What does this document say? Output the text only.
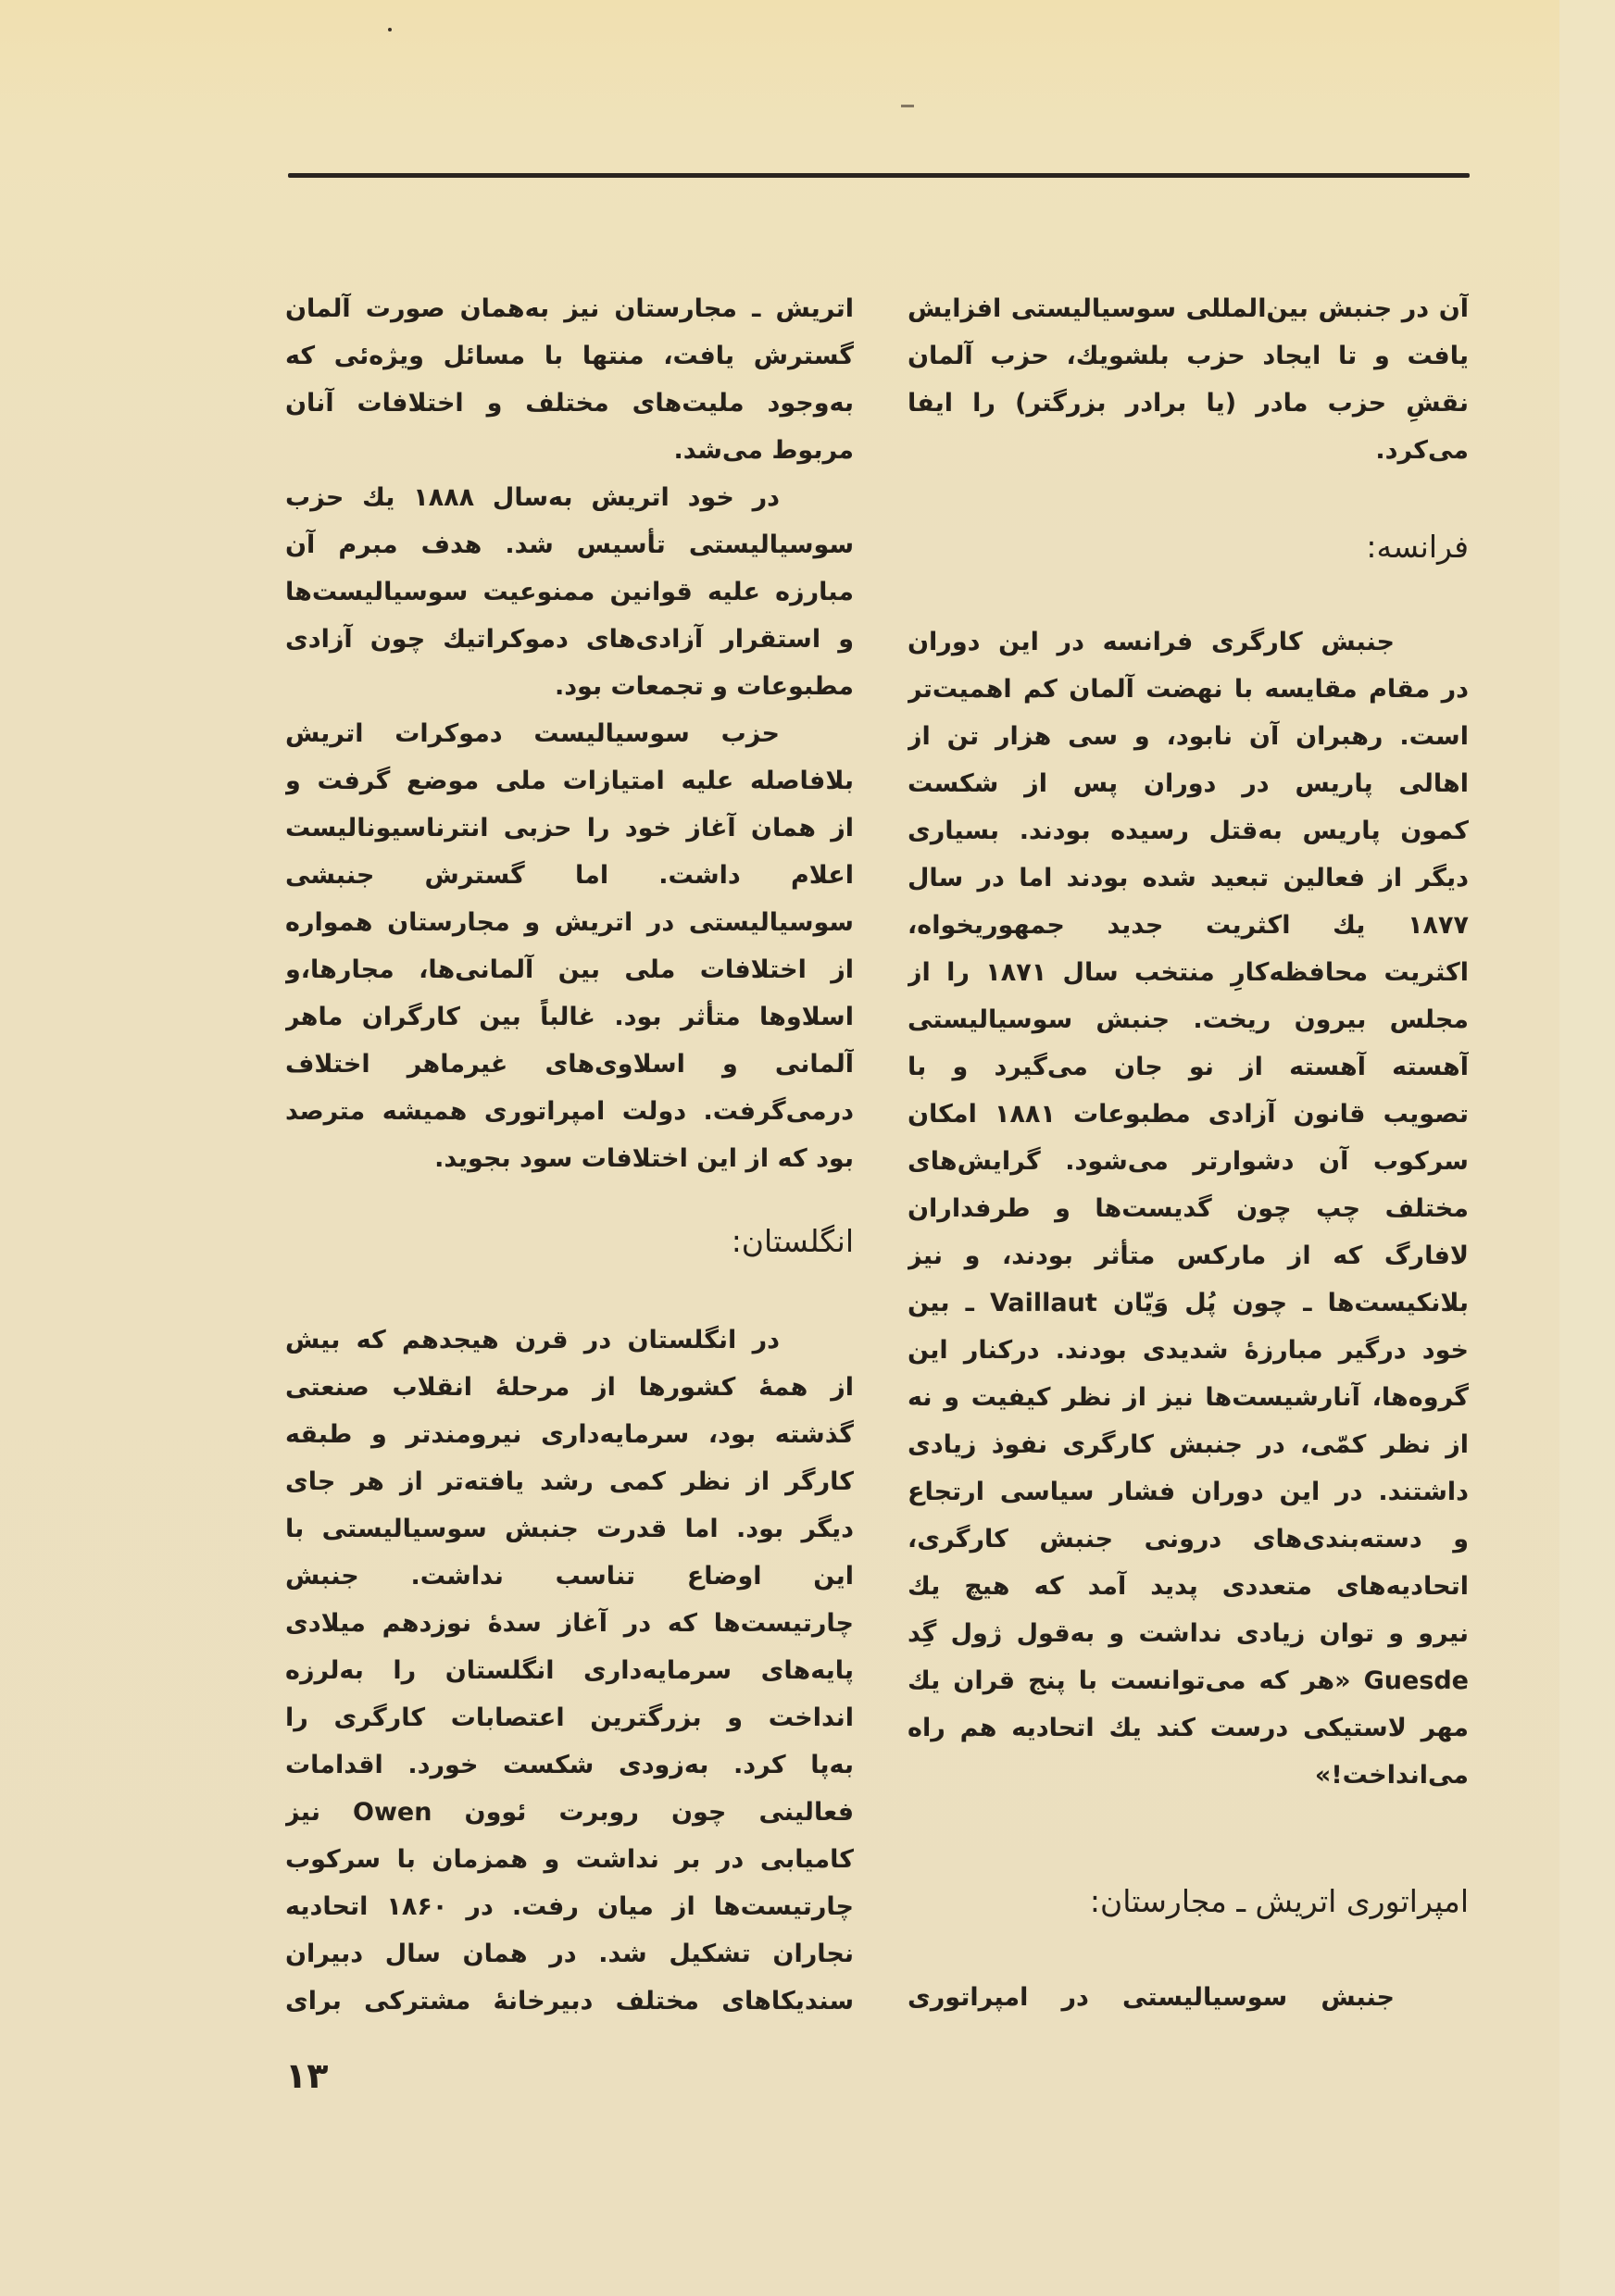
آن در جنبش بین‌المللی سوسیالیستی افزایش
یافت و تا ایجاد حزب بلشویك، حزب آلمان
نقشِ حزب مادر (یا برادر بزرگتر) را ایفا
می‌کرد.
فرانسه:
جنبش کارگری فرانسه در این دوران
در مقام مقایسه با نهضت آلمان کم اهمیت‌تر
است. رهبران آن نابود، و سی هزار تن از
اهالی پاریس در دوران پس از شکست
کمون پاریس به‌قتل رسیده بودند. بسیاری
دیگر از فعالین تبعید شده بودند اما در سال
۱۸۷۷ یك اکثریت جدید جمهوریخواه،
اکثریت محافظه‌کارِ منتخب سال ۱۸۷۱ را از
مجلس بیرون ریخت. جنبش سوسیالیستی
آهسته آهسته از نو جان می‌گیرد و با
تصویب قانون آزادی مطبوعات ۱۸۸۱ امکان
سرکوب آن دشوارتر می‌شود. گرایش‌های
مختلف چپ چون گدیست‌ها و طرفداران
لافارگ که از مارکس متأثر بودند، و نیز
بلانکیست‌ها ـ چون پُل وَیّان Vaillaut ـ بین
خود درگیر مبارزهٔ شدیدی بودند. درکنار این
گروه‌ها، آنارشیست‌ها نیز از نظر کیفیت و نه
از نظر کمّی، در جنبش کارگری نفوذ زیادی
داشتند. در این دوران فشار سیاسی ارتجاع
و دسته‌بندی‌های درونی جنبش کارگری،
اتحادیه‌های متعددی پدید آمد که هیچ یك
نیرو و توان زیادی نداشت و به‌قول ژول گِد
Guesde «هر که می‌توانست با پنج قران یك
مهر لاستیکی درست کند یك اتحادیه هم راه
می‌انداخت!»
امپراتوری اتریش ـ مجارستان:
جنبش سوسیالیستی در امپراتوری
اتریش ـ مجارستان نیز به‌همان صورت آلمان
گسترش یافت، منتها با مسائل ویژه‌ئی که
به‌وجود ملیت‌های مختلف و اختلافات آنان
مربوط می‌شد.
در خود اتریش به‌سال ۱۸۸۸ یك حزب
سوسیالیستی تأسیس شد. هدف مبرم آن
مبارزه علیه قوانین ممنوعیت سوسیالیست‌ها
و استقرار آزادی‌های دموکراتیك چون آزادی
مطبوعات و تجمعات بود.
حزب سوسیالیست دموکرات اتریش
بلافاصله علیه امتیازات ملی موضع گرفت و
از همان آغاز خود را حزبی انترناسیونالیست
اعلام داشت. اما گسترش جنبشی
سوسیالیستی در اتریش و مجارستان همواره
از اختلافات ملی بین آلمانی‌ها، مجارها،و
اسلاوها متأثر بود. غالباً بین کارگران ماهر
آلمانی و اسلاوی‌های غیرماهر اختلاف
درمی‌گرفت. دولت امپراتوری همیشه مترصد
بود که از این اختلافات سود بجوید.
انگلستان:
در انگلستان در قرن هیجدهم که بیش
از همهٔ کشورها از مرحلهٔ انقلاب صنعتی
گذشته بود، سرمایه‌داری نیرومندتر و طبقه
کارگر از نظر کمی رشد یافته‌تر از هر جای
دیگر بود. اما قدرت جنبش سوسیالیستی با
این اوضاع تناسب نداشت. جنبش
چارتیست‌ها که در آغاز سدهٔ نوزدهم میلادی
پایه‌های سرمایه‌داری انگلستان را به‌لرزه
انداخت و بزرگترین اعتصابات کارگری را
به‌پا کرد. به‌زودی شکست خورد. اقدامات
فعالینی چون روبرت ئوون Owen نیز
کامیابی در بر نداشت و همزمان با سرکوب
چارتیست‌ها از میان رفت. در ۱۸۶۰ اتحادیه
نجاران تشکیل شد. در همان سال دبیران
سندیکاهای مختلف دبیرخانهٔ مشترکی برای
۱۳
